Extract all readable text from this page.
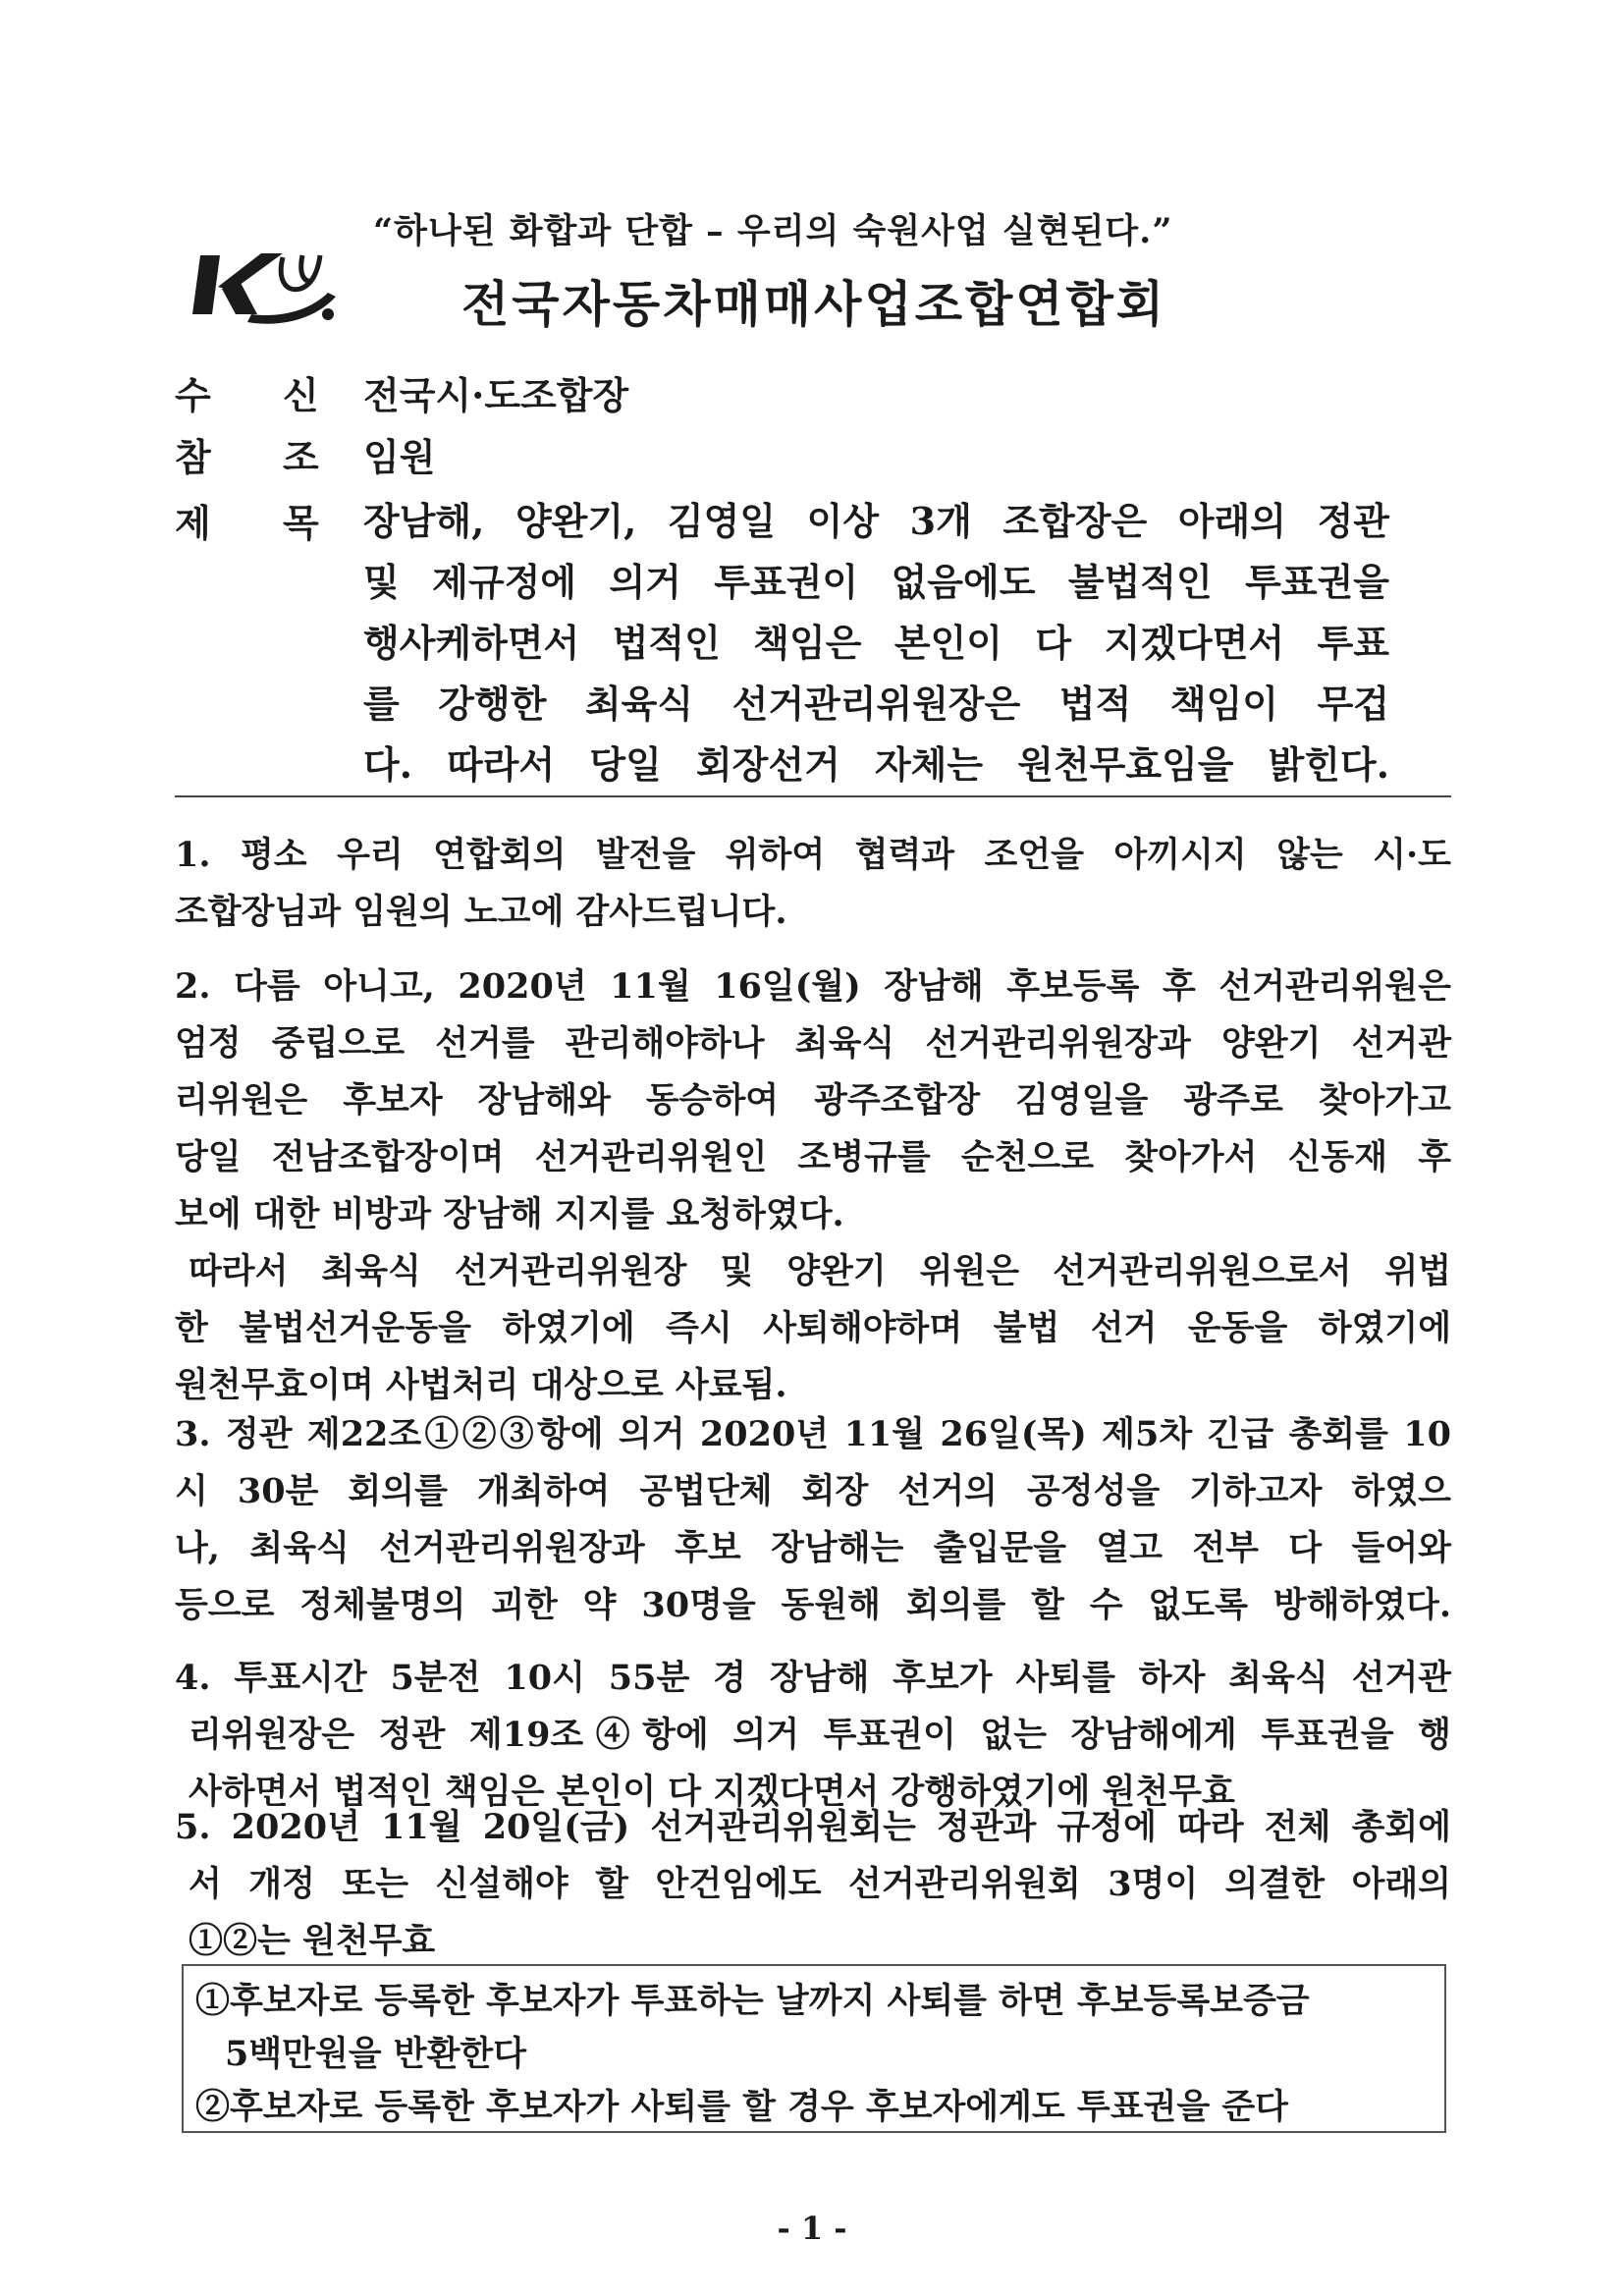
“하나된 화합과 단합 – 우리의 숙원사업 실현된다.”
전국자동차매매사업조합연합회
수 신 전국시·도조합장
참 조 임원
제 목 장남해, 양완기, 김영일 이상 3개 조합장은 아래의 정관
및 제규정에 의거 투표권이 없음에도 불법적인 투표권을
행사케하면서 법적인 책임은 본인이 다 지겠다면서 투표
를 강행한 최육식 선거관리위원장은 법적 책임이 무겁
다. 따라서 당일 회장선거 자체는 원천무효임을 밝힌다.
1. 평소 우리 연합회의 발전을 위하여 협력과 조언을 아끼시지 않는 시·도
조합장님과 임원의 노고에 감사드립니다.
2. 다름 아니고, 2020년 11월 16일(월) 장남해 후보등록 후 선거관리위원은
엄정 중립으로 선거를 관리해야하나 최육식 선거관리위원장과 양완기 선거관
리위원은 후보자 장남해와 동승하여 광주조합장 김영일을 광주로 찾아가고
당일 전남조합장이며 선거관리위원인 조병규를 순천으로 찾아가서 신동재 후
보에 대한 비방과 장남해 지지를 요청하였다.
따라서 최육식 선거관리위원장 및 양완기 위원은 선거관리위원으로서 위법
한 불법선거운동을 하였기에 즉시 사퇴해야하며 불법 선거 운동을 하였기에
원천무효이며 사법처리 대상으로 사료됨.
3. 정관 제22조①②③항에 의거 2020년 11월 26일(목) 제5차 긴급 총회를 10
시 30분 회의를 개최하여 공법단체 회장 선거의 공정성을 기하고자 하였으
나, 최육식 선거관리위원장과 후보 장남해는 출입문을 열고 전부 다 들어와
등으로 정체불명의 괴한 약 30명을 동원해 회의를 할 수 없도록 방해하였다.
4. 투표시간 5분전 10시 55분 경 장남해 후보가 사퇴를 하자 최육식 선거관
리위원장은 정관 제19조④항에 의거 투표권이 없는 장남해에게 투표권을 행
사하면서 법적인 책임은 본인이 다 지겠다면서 강행하였기에 원천무효
5. 2020년 11월 20일(금) 선거관리위원회는 정관과 규정에 따라 전체 총회에
서 개정 또는 신설해야 할 안건임에도 선거관리위원회 3명이 의결한 아래의
①②는 원천무효
①후보자로 등록한 후보자가 투표하는 날까지 사퇴를 하면 후보등록보증금
5백만원을 반환한다
②후보자로 등록한 후보자가 사퇴를 할 경우 후보자에게도 투표권을 준다
- 1 -
